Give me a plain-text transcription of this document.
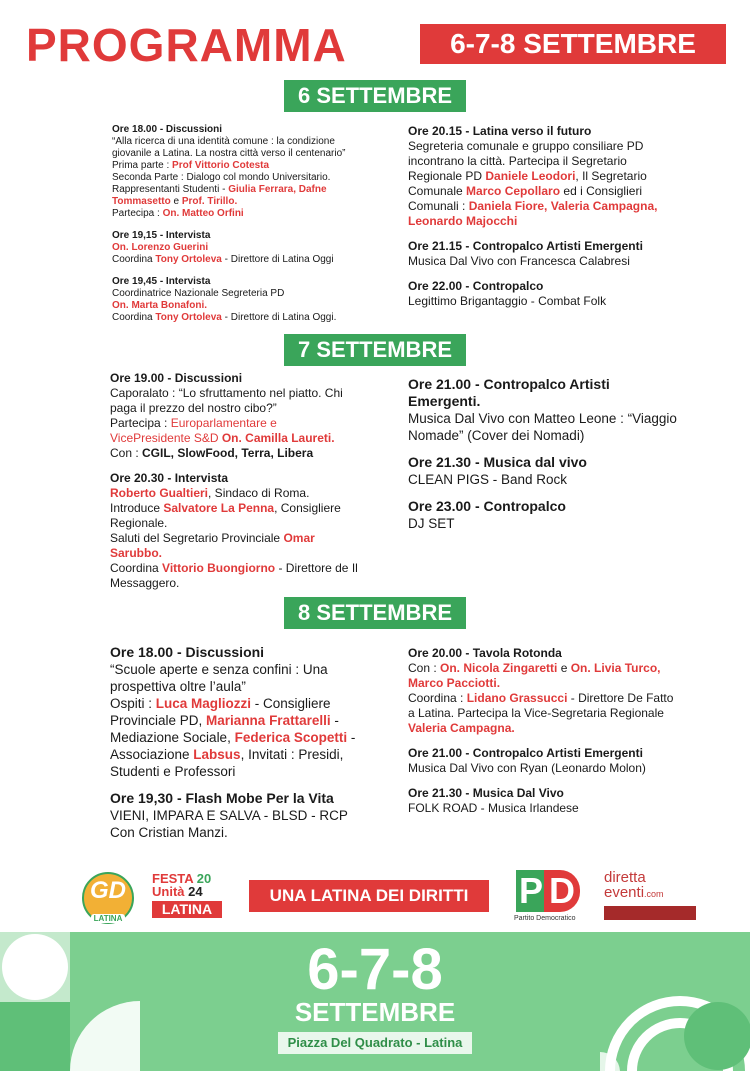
PROGRAMMA	6-7-8 SETTEMBRE
6 SETTEMBRE
Ore 18.00 - Discussioni
“Alla ricerca di una identità comune : la condizione giovanile a Latina. La nostra città verso il centenario”
Prima parte : Prof Vittorio Cotesta
Seconda Parte : Dialogo col mondo Universitario.
Rappresentanti Studenti - Giulia Ferrara, Dafne Tommasetto e Prof. Tirillo.
Partecipa : On. Matteo Orfini
Ore 19,15 - Intervista
On. Lorenzo Guerini
Coordina Tony Ortoleva - Direttore di Latina Oggi
Ore 19,45 - Intervista
Coordinatrice Nazionale Segreteria PD
On. Marta Bonafoni.
Coordina Tony Ortoleva - Direttore di Latina Oggi.
Ore 20.15 - Latina verso il futuro
Segreteria comunale e gruppo consiliare PD incontrano la città. Partecipa il Segretario Regionale PD Daniele Leodori, Il Segretario Comunale Marco Cepollaro ed i Consiglieri Comunali : Daniela Fiore, Valeria Campagna, Leonardo Majocchi
Ore 21.15 - Contropalco Artisti Emergenti
Musica Dal Vivo con Francesca Calabresi
Ore 22.00 - Contropalco
Legittimo Brigantaggio - Combat Folk
7 SETTEMBRE
Ore 19.00 - Discussioni
Caporalato : “Lo sfruttamento nel piatto. Chi paga il prezzo del nostro cibo?”
Partecipa : Europarlamentare e VicePresidente S&D On. Camilla Laureti.
Con : CGIL, SlowFood, Terra, Libera
Ore 20.30 - Intervista
Roberto Gualtieri, Sindaco di Roma.
Introduce Salvatore La Penna, Consigliere Regionale.
Saluti del Segretario Provinciale Omar Sarubbo.
Coordina Vittorio Buongiorno - Direttore de Il Messaggero.
Ore 21.00 - Contropalco Artisti Emergenti.
Musica Dal Vivo con Matteo Leone : “Viaggio Nomade” (Cover dei Nomadi)
Ore 21.30 - Musica dal vivo
CLEAN PIGS - Band Rock
Ore 23.00 - Contropalco
DJ SET
8 SETTEMBRE
Ore 18.00 - Discussioni
“Scuole aperte e senza confini : Una prospettiva oltre l’aula”
Ospiti : Luca Magliozzi - Consigliere Provinciale PD, Marianna Frattarelli - Mediazione Sociale, Federica Scopetti -Associazione Labsus, Invitati : Presidi, Studenti e Professori
Ore 19,30 - Flash Mobe Per la Vita
VIENI, IMPARA E SALVA - BLSD - RCP
Con Cristian Manzi.
Ore 20.00 - Tavola Rotonda
Con : On. Nicola Zingaretti e On. Livia Turco, Marco Pacciotti.
Coordina : Lidano Grassucci - Direttore De Fatto a Latina. Partecipa la Vice-Segretaria Regionale Valeria Campagna.
Ore 21.00 - Contropalco Artisti Emergenti
Musica Dal Vivo con Ryan (Leonardo Molon)
Ore 21.30 - Musica Dal Vivo
FOLK ROAD - Musica Irlandese
GD
LATINA
FESTA 20
Unità 24
LATINA
UNA LATINA DEI DIRITTI	P D
Partito Democratico
diretta
eventi.com
6-7-8
SETTEMBRE
Piazza Del Quadrato - Latina
